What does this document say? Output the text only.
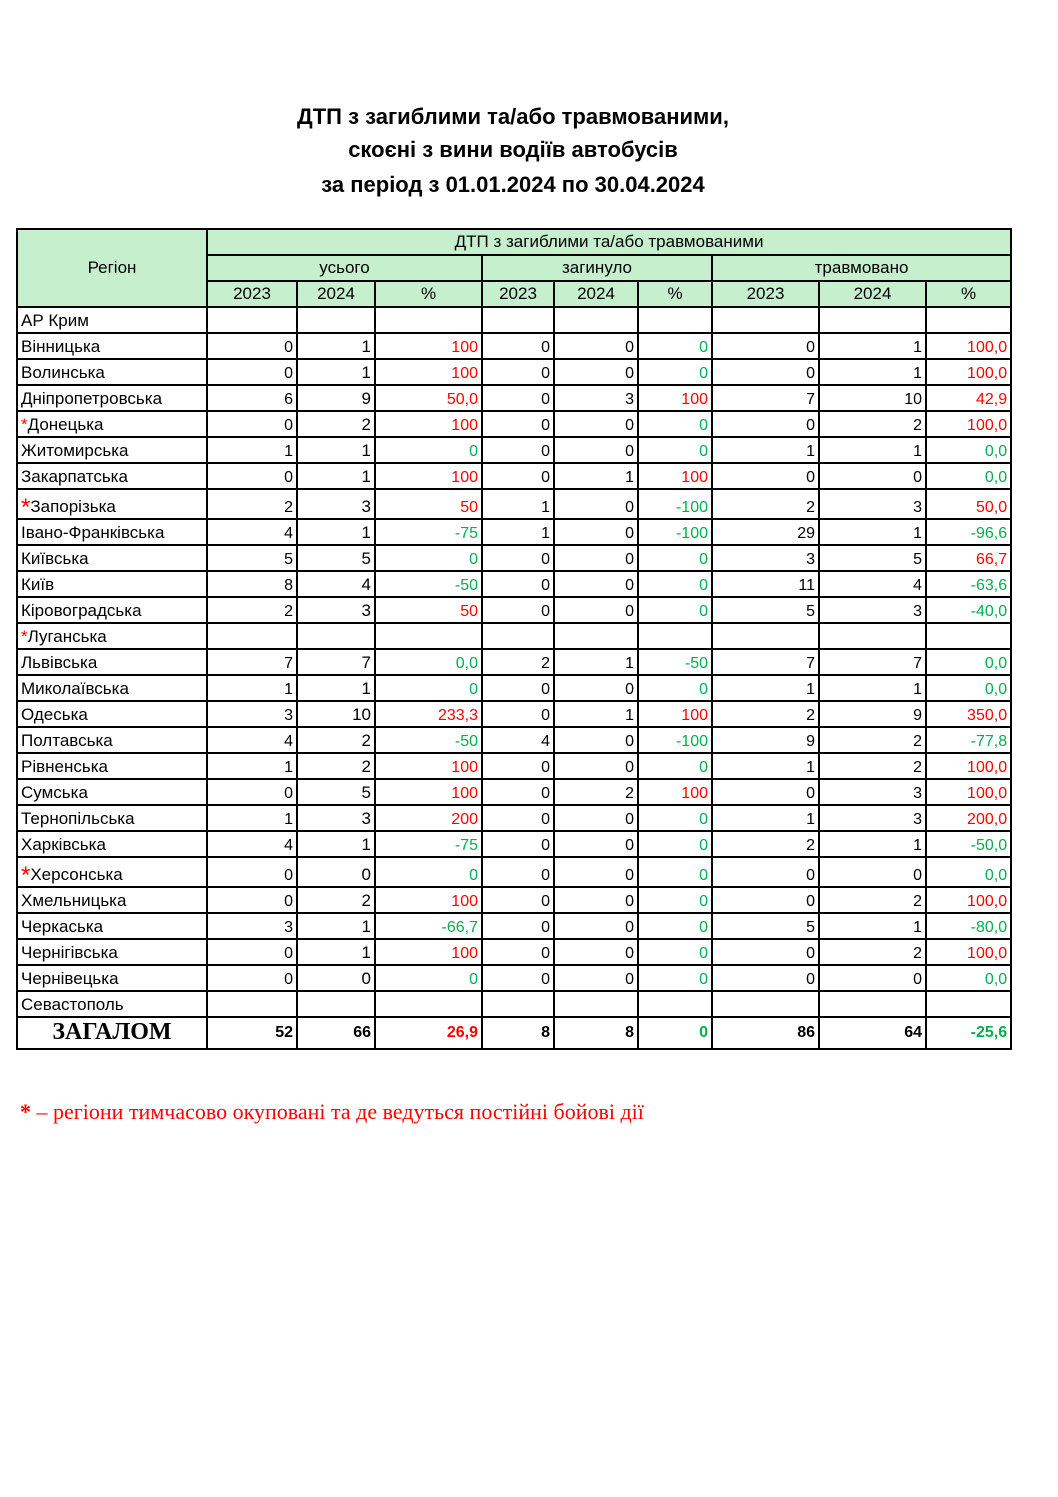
ДТП з загиблими та/або травмованими,
скоєні з вини водіїв автобусів
за період з 01.01.2024 по 30.04.2024
Регіон	ДТП з загиблими та/або травмованими								
	усього			загинуло			травмовано		
	2023	2024	%	2023	2024	%	2023	2024	%
АР Крим									
Вінницька	0	1	100	0	0	0	0	1	100,0
Волинська	0	1	100	0	0	0	0	1	100,0
Дніпропетровська	6	9	50,0	0	3	100	7	10	42,9
*Донецька	0	2	100	0	0	0	0	2	100,0
Житомирська	1	1	0	0	0	0	1	1	0,0
Закарпатська	0	1	100	0	1	100	0	0	0,0
*Запорізька	2	3	50	1	0	-100	2	3	50,0
Івано-Франківська	4	1	-75	1	0	-100	29	1	-96,6
Київська	5	5	0	0	0	0	3	5	66,7
Київ	8	4	-50	0	0	0	11	4	-63,6
Кіровоградська	2	3	50	0	0	0	5	3	-40,0
*Луганська									
Львівська	7	7	0,0	2	1	-50	7	7	0,0
Миколаївська	1	1	0	0	0	0	1	1	0,0
Одеська	3	10	233,3	0	1	100	2	9	350,0
Полтавська	4	2	-50	4	0	-100	9	2	-77,8
Рівненська	1	2	100	0	0	0	1	2	100,0
Сумська	0	5	100	0	2	100	0	3	100,0
Тернопільська	1	3	200	0	0	0	1	3	200,0
Харківська	4	1	-75	0	0	0	2	1	-50,0
*Херсонська	0	0	0	0	0	0	0	0	0,0
Хмельницька	0	2	100	0	0	0	0	2	100,0
Черкаська	3	1	-66,7	0	0	0	5	1	-80,0
Чернігівська	0	1	100	0	0	0	0	2	100,0
Чернівецька	0	0	0	0	0	0	0	0	0,0
Севастополь									
ЗАГАЛОМ	52	66	26,9	8	8	0	86	64	-25,6
* – регіони тимчасово окуповані та де ведуться постійні бойові дії
